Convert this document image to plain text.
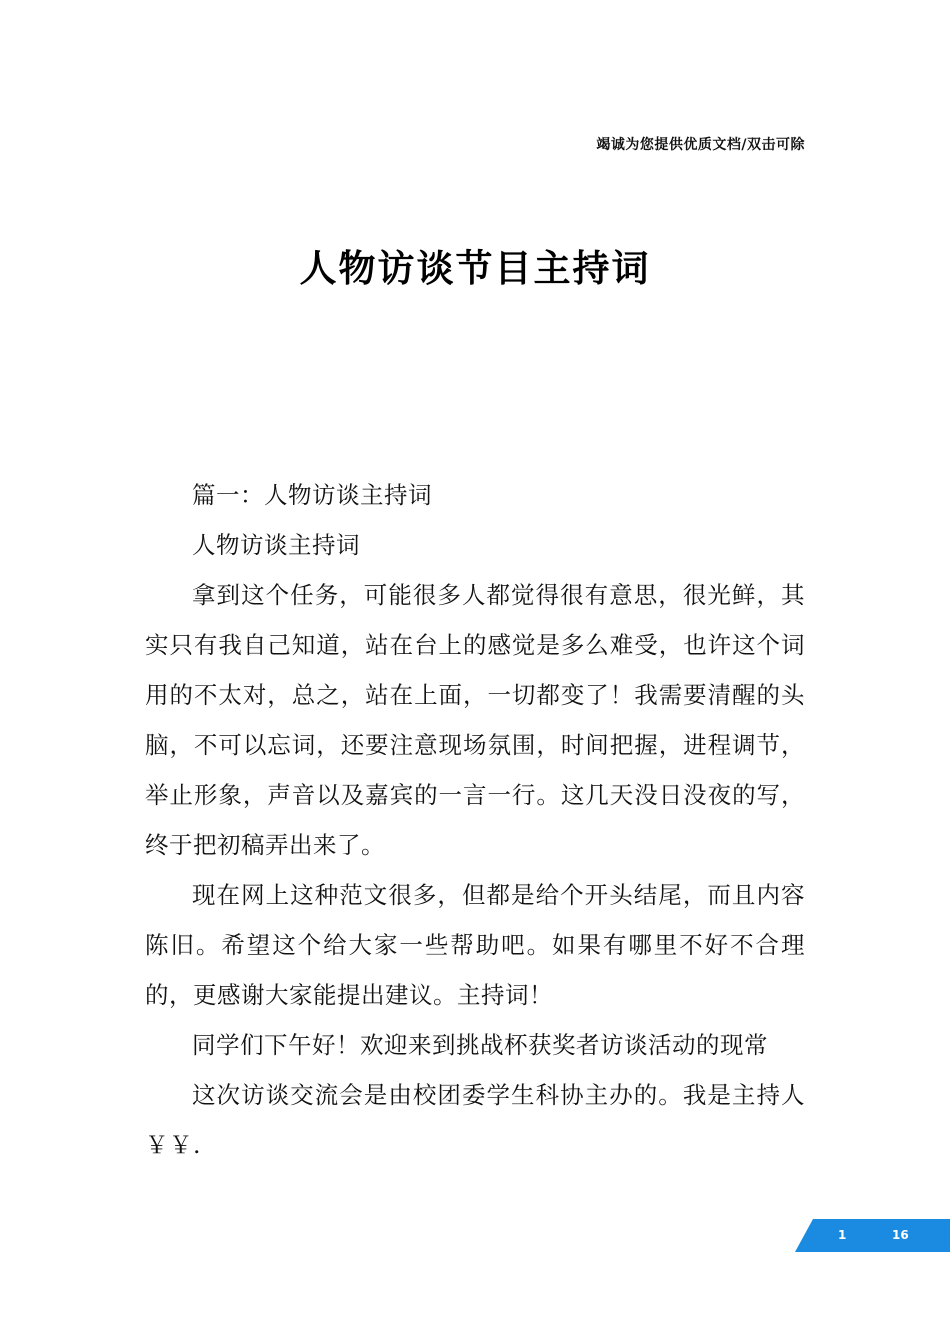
竭诚为您提供优质文档/双击可除
人物访谈节目主持词

篇一：人物访谈主持词

人物访谈主持词

拿到这个任务，可能很多人都觉得很有意思，很光鲜，其实只有我自己知道，站在台上的感觉是多么难受，也许这个词用的不太对，总之，站在上面，一切都变了！我需要清醒的头脑，不可以忘词，还要注意现场氛围，时间把握，进程调节，举止形象，声音以及嘉宾的一言一行。这几天没日没夜的写，终于把初稿弄出来了。

现在网上这种范文很多，但都是给个开头结尾，而且内容陈旧。希望这个给大家一些帮助吧。如果有哪里不好不合理的，更感谢大家能提出建议。主持词！

同学们下午好！欢迎来到挑战杯获奖者访谈活动的现常

这次访谈交流会是由校团委学生科协主办的。我是主持人￥￥.

1	16
